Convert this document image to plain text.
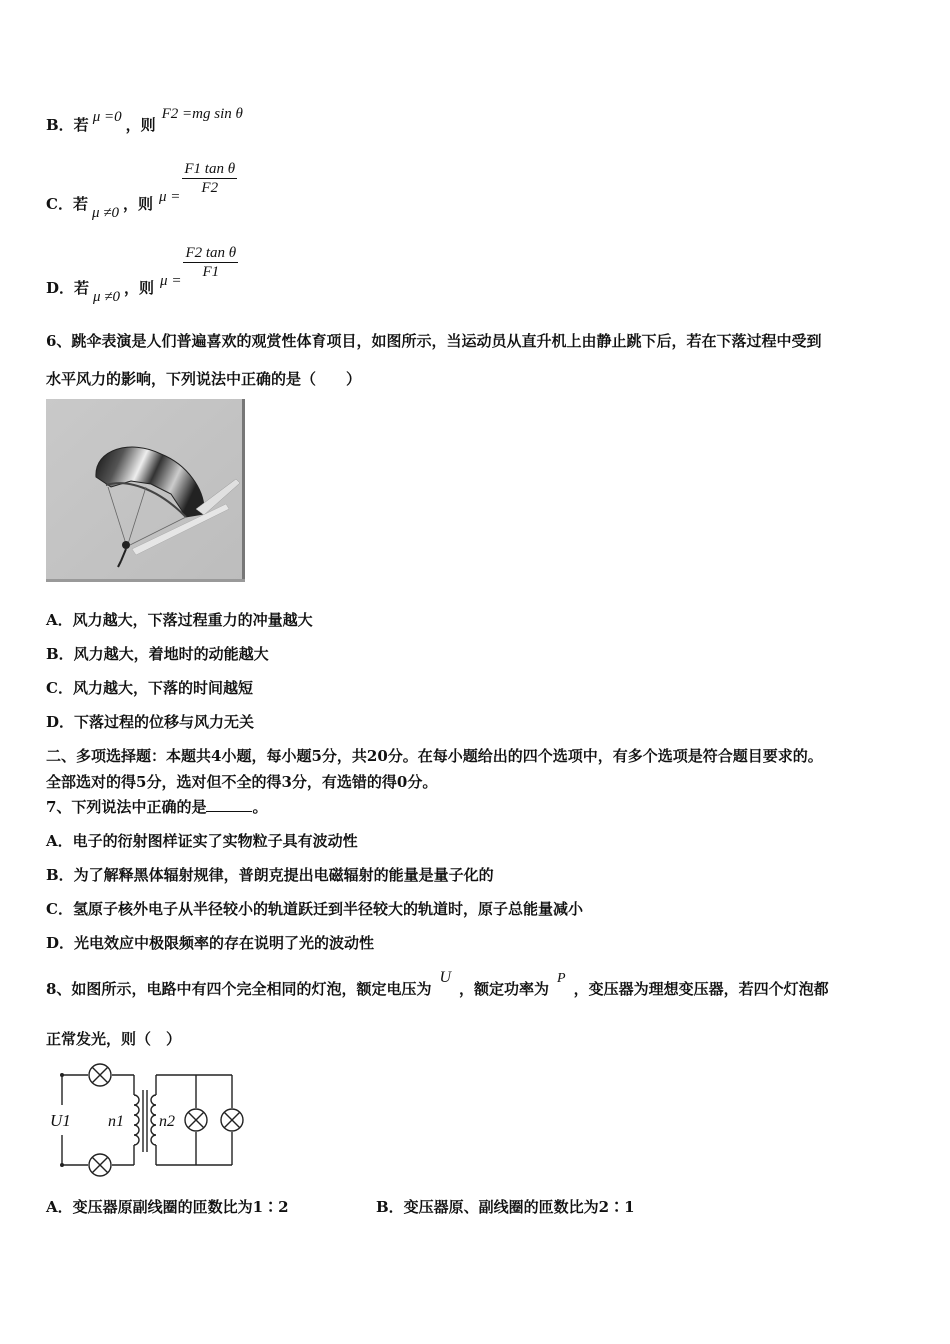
B．若 μ =0 ，则F2 =mg sin θ
C．若 μ ≠0 ，则 $\mu = \frac{\text{F1 tan θ}}{F2}$
D．若 μ ≠0 ，则 $\mu = \frac{\text{F2 tan θ}}{F1}$
6、跳伞表演是人们普遍喜欢的观赏性体育项目，如图所示，当运动员从直升机上由静止跳下后，若在下落过程中受到
水平风力的影响，下列说法中正确的是（　　）
A．风力越大，下落过程重力的冲量越大
B．风力越大，着地时的动能越大
C．风力越大，下落的时间越短
D．下落过程的位移与风力无关
二、多项选择题：本题共4小题，每小题5分，共20分。在每小题给出的四个选项中，有多个选项是符合题目要求的。
全部选对的得5分，选对但不全的得3分，有选错的得0分。
7、下列说法中正确的是	。
A．电子的衍射图样证实了实物粒子具有波动性
B．为了解释黑体辐射规律，普朗克提出电磁辐射的能量是量子化的
C．氢原子核外电子从半径较小的轨道跃迁到半径较大的轨道时，原子总能量减小
D．光电效应中极限频率的存在说明了光的波动性
8、如图所示，电路中有四个完全相同的灯泡，额定电压为U，额定功率为P，变压器为理想变压器，若四个灯泡都
正常发光，则（　）
U1 n1 n2
A．变压器原副线圈的匝数比为1∶2	B．变压器原、副线圈的匝数比为2∶1
